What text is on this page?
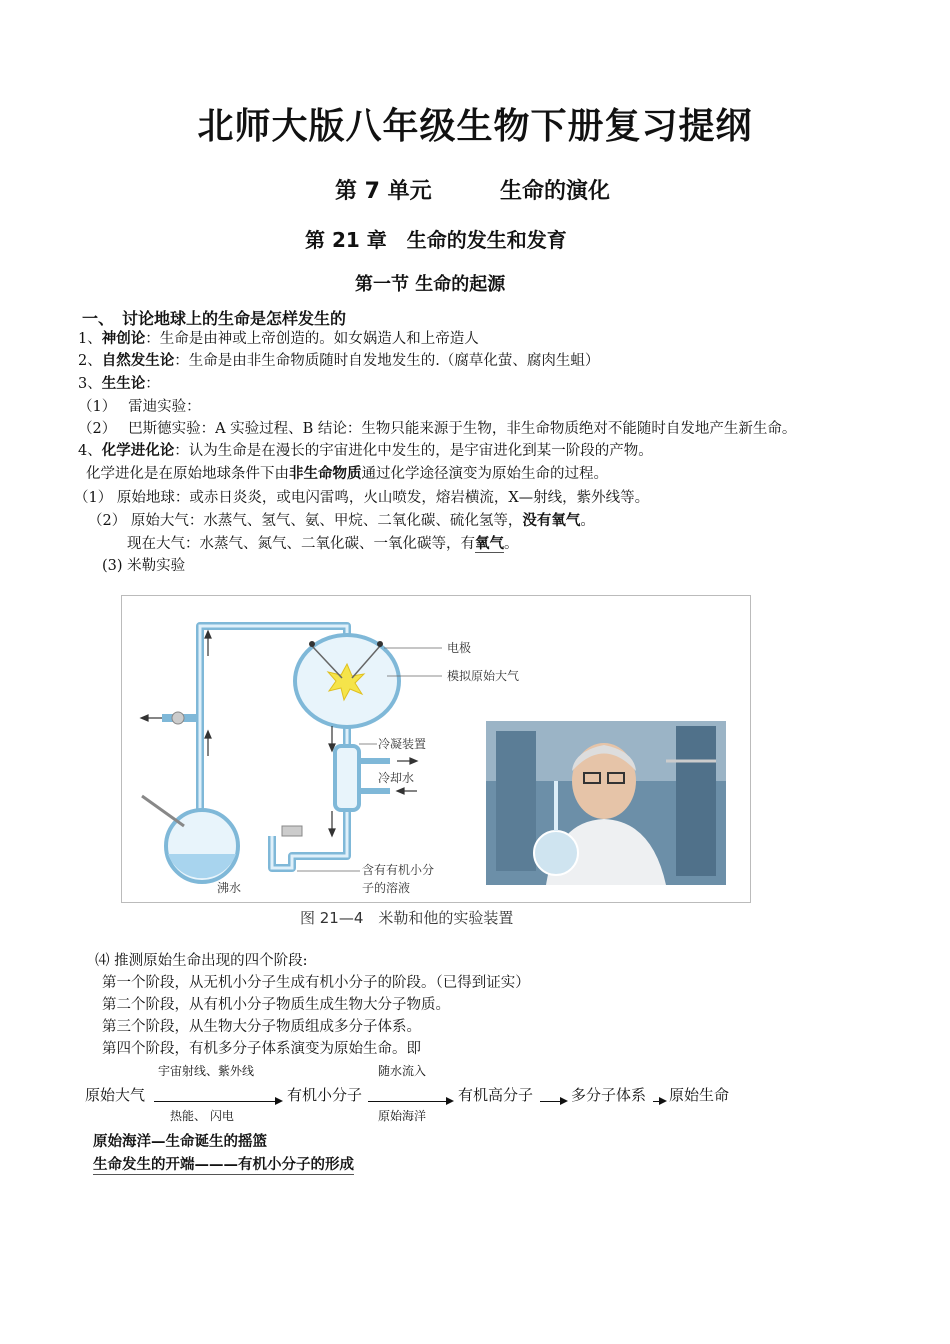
北师大版八年级生物下册复习提纲
第 7 单元	生命的演化
第 21 章　生命的发生和发育
第一节 生命的起源
一、　讨论地球上的生命是怎样发生的
1、神创论：生命是由神或上帝创造的。如女娲造人和上帝造人
2、自然发生论：生命是由非生命物质随时自发地发生的.（腐草化萤、腐肉生蛆）
3、生生论：
（1）　 雷迪实验：
（2）　 巴斯德实验：A 实验过程、B 结论：生物只能来源于生物，非生命物质绝对不能随时自发地产生新生命。
4、化学进化论：认为生命是在漫长的宇宙进化中发生的，是宇宙进化到某一阶段的产物。
化学进化是在原始地球条件下由非生命物质通过化学途径演变为原始生命的过程。
（1） 原始地球：或赤日炎炎，或电闪雷鸣，火山喷发，熔岩横流，X—射线，紫外线等。
（2） 原始大气：水蒸气、氢气、氨、甲烷、二氧化碳、硫化氢等，没有氧气。
现在大气：水蒸气、氮气、二氧化碳、一氧化碳等，有氧气。
(3) 米勒实验
电极
模拟原始大气
冷凝装置
冷却水
沸水
含有有机小分
子的溶液
图 21—4　米勒和他的实验装置
⑷ 推测原始生命出现的四个阶段:
第一个阶段，从无机小分子生成有机小分子的阶段。（已得到证实）
第二个阶段，从有机小分子物质生成生物大分子物质。
第三个阶段，从生物大分子物质组成多分子体系。
第四个阶段，有机多分子体系演变为原始生命。即
宇宙射线、紫外线	随水流入
原始大气	有机小分子	有机高分子	多分子体系 原始生命
热能、 闪电	原始海洋
原始海洋—生命诞生的摇篮
生命发生的开端———有机小分子的形成
